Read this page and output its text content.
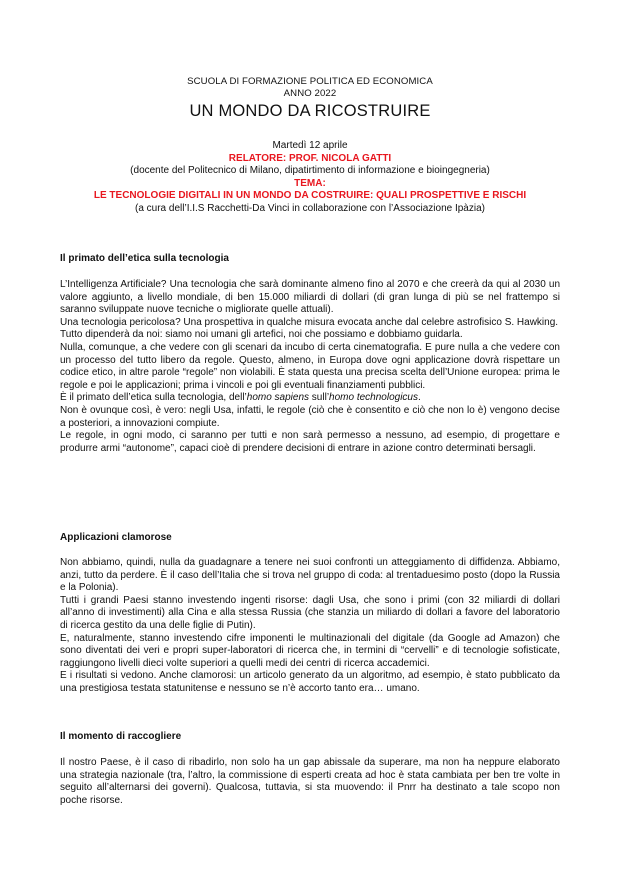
SCUOLA DI FORMAZIONE POLITICA ED ECONOMICA
ANNO 2022
UN MONDO DA RICOSTRUIRE
Martedì 12 aprile
RELATORE: PROF. NICOLA GATTI
(docente del Politecnico di Milano, dipatirtimento di informazione e bioingegneria)
TEMA:
LE TECNOLOGIE DIGITALI IN UN MONDO DA COSTRUIRE: QUALI PROSPETTIVE E RISCHI
(a cura dell’I.I.S Racchetti-Da Vinci in collaborazione con l’Associazione Ipàzia)
Il primato dell’etica sulla tecnologia

L’Intelligenza Artificiale? Una tecnologia che sarà dominante almeno fino al 2070 e che creerà da qui al 2030 un valore aggiunto, a livello mondiale, di ben 15.000 miliardi di dollari (di gran lunga di più se nel frattempo si saranno sviluppate nuove tecniche o migliorate quelle attuali).

Una tecnologia pericolosa? Una prospettiva in qualche misura evocata anche dal celebre astrofisico S. Hawking.

Tutto dipenderà da noi: siamo noi umani gli artefici, noi che possiamo e dobbiamo guidarla.

Nulla, comunque, a che vedere con gli scenari da incubo di certa cinematografia. E pure nulla a che vedere con un processo del tutto libero da regole. Questo, almeno, in Europa dove ogni applicazione dovrà rispettare un codice etico, in altre parole “regole” non violabili. È stata questa una precisa scelta dell’Unione europea: prima le regole e poi le applicazioni; prima i vincoli e poi gli eventuali finanziamenti pubblici.

È il primato dell’etica sulla tecnologia, dell’homo sapiens sull’homo technologicus.

Non è ovunque così, è vero: negli Usa, infatti, le regole (ciò che è consentito e ciò che non lo è) vengono decise a posteriori, a innovazioni compiute.

Le regole, in ogni modo, ci saranno per tutti e non sarà permesso a nessuno, ad esempio, di progettare e produrre armi “autonome”, capaci cioè di prendere decisioni di entrare in azione contro determinati bersagli.

Applicazioni clamorose

Non abbiamo, quindi, nulla da guadagnare a tenere nei suoi confronti un atteggiamento di diffidenza. Abbiamo, anzi, tutto da perdere. È il caso dell’Italia che si trova nel gruppo di coda: al trentaduesimo posto (dopo la Russia e la Polonia).

Tutti i grandi Paesi stanno investendo ingenti risorse: dagli Usa, che sono i primi (con 32 miliardi di dollari all’anno di investimenti) alla Cina e alla stessa Russia (che stanzia un miliardo di dollari a favore del laboratorio di ricerca gestito da una delle figlie di Putin).

E, naturalmente, stanno investendo cifre imponenti le multinazionali del digitale (da Google ad Amazon) che sono diventati dei veri e propri super-laboratori di ricerca che, in termini di “cervelli” e di tecnologie sofisticate, raggiungono livelli dieci volte superiori a quelli medi dei centri di ricerca accademici.

E i risultati si vedono. Anche clamorosi: un articolo generato da un algoritmo, ad esempio, è stato pubblicato da una prestigiosa testata statunitense e nessuno se n’è accorto tanto era… umano.

Il momento di raccogliere

Il nostro Paese, è il caso di ribadirlo, non solo ha un gap abissale da superare, ma non ha neppure elaborato una strategia nazionale (tra, l’altro, la commissione di esperti creata ad hoc è stata cambiata per ben tre volte in seguito all’alternarsi dei governi). Qualcosa, tuttavia, si sta muovendo: il Pnrr ha destinato a tale scopo non poche risorse.
